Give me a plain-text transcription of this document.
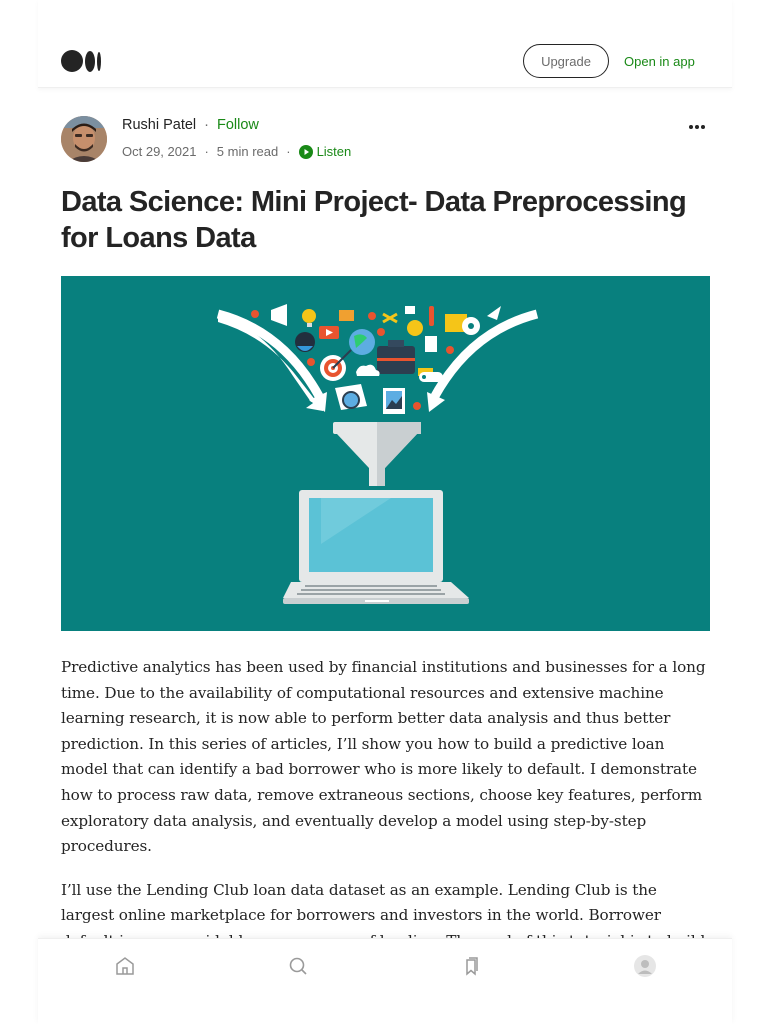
Upgrade	Open in app
Rushi Patel · Follow
Oct 29, 2021 · 5 min read · Listen
Data Science: Mini Project- Data Preprocessing for Loans Data

Predictive analytics has been used by financial institutions and businesses for a long time. Due to the availability of computational resources and extensive machine learning research, it is now able to perform better data analysis and thus better prediction. In this series of articles, I’ll show you how to build a predictive loan model that can identify a bad borrower who is more likely to default. I demonstrate how to process raw data, remove extraneous sections, choose key features, perform exploratory data analysis, and eventually develop a model using step-by-step procedures.

I’ll use the Lending Club loan data dataset as an example. Lending Club is the largest online marketplace for borrowers and investors in the world. Borrower
